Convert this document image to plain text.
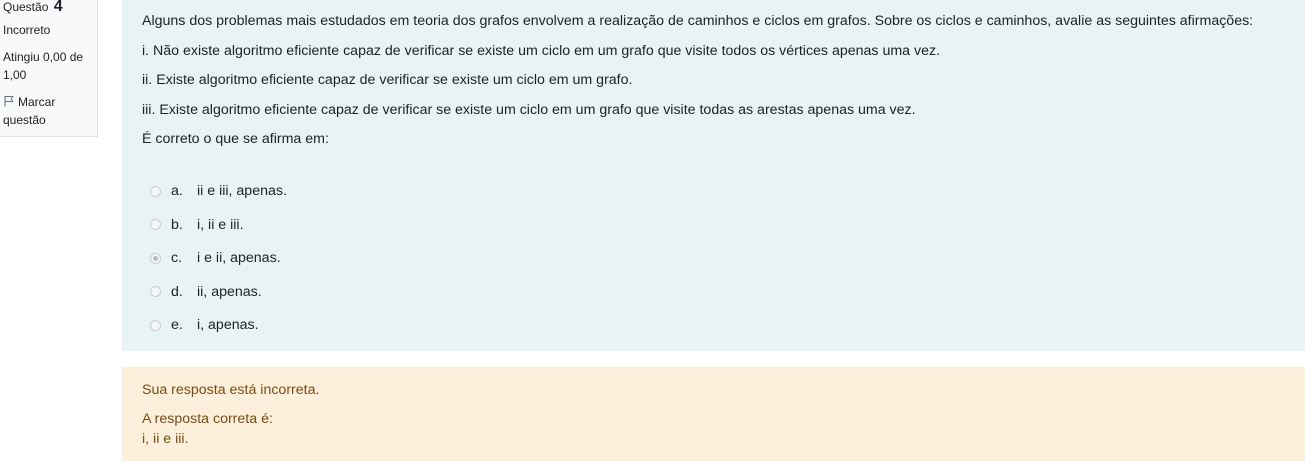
Questão 4
Incorreto
Atingiu 0,00 de
1,00
Marcar
questão

Alguns dos problemas mais estudados em teoria dos grafos envolvem a realização de caminhos e ciclos em grafos. Sobre os ciclos e caminhos, avalie as seguintes afirmações:

i. Não existe algoritmo eficiente capaz de verificar se existe um ciclo em um grafo que visite todos os vértices apenas uma vez.

ii. Existe algoritmo eficiente capaz de verificar se existe um ciclo em um grafo.

iii. Existe algoritmo eficiente capaz de verificar se existe um ciclo em um grafo que visite todas as arestas apenas uma vez.

É correto o que se afirma em:

a. ii e iii, apenas.
b. i, ii e iii.
c.	i e ii, apenas.
d. ii, apenas.
e. i, apenas.

Sua resposta está incorreta.

A resposta correta é:

i, ii e iii.
